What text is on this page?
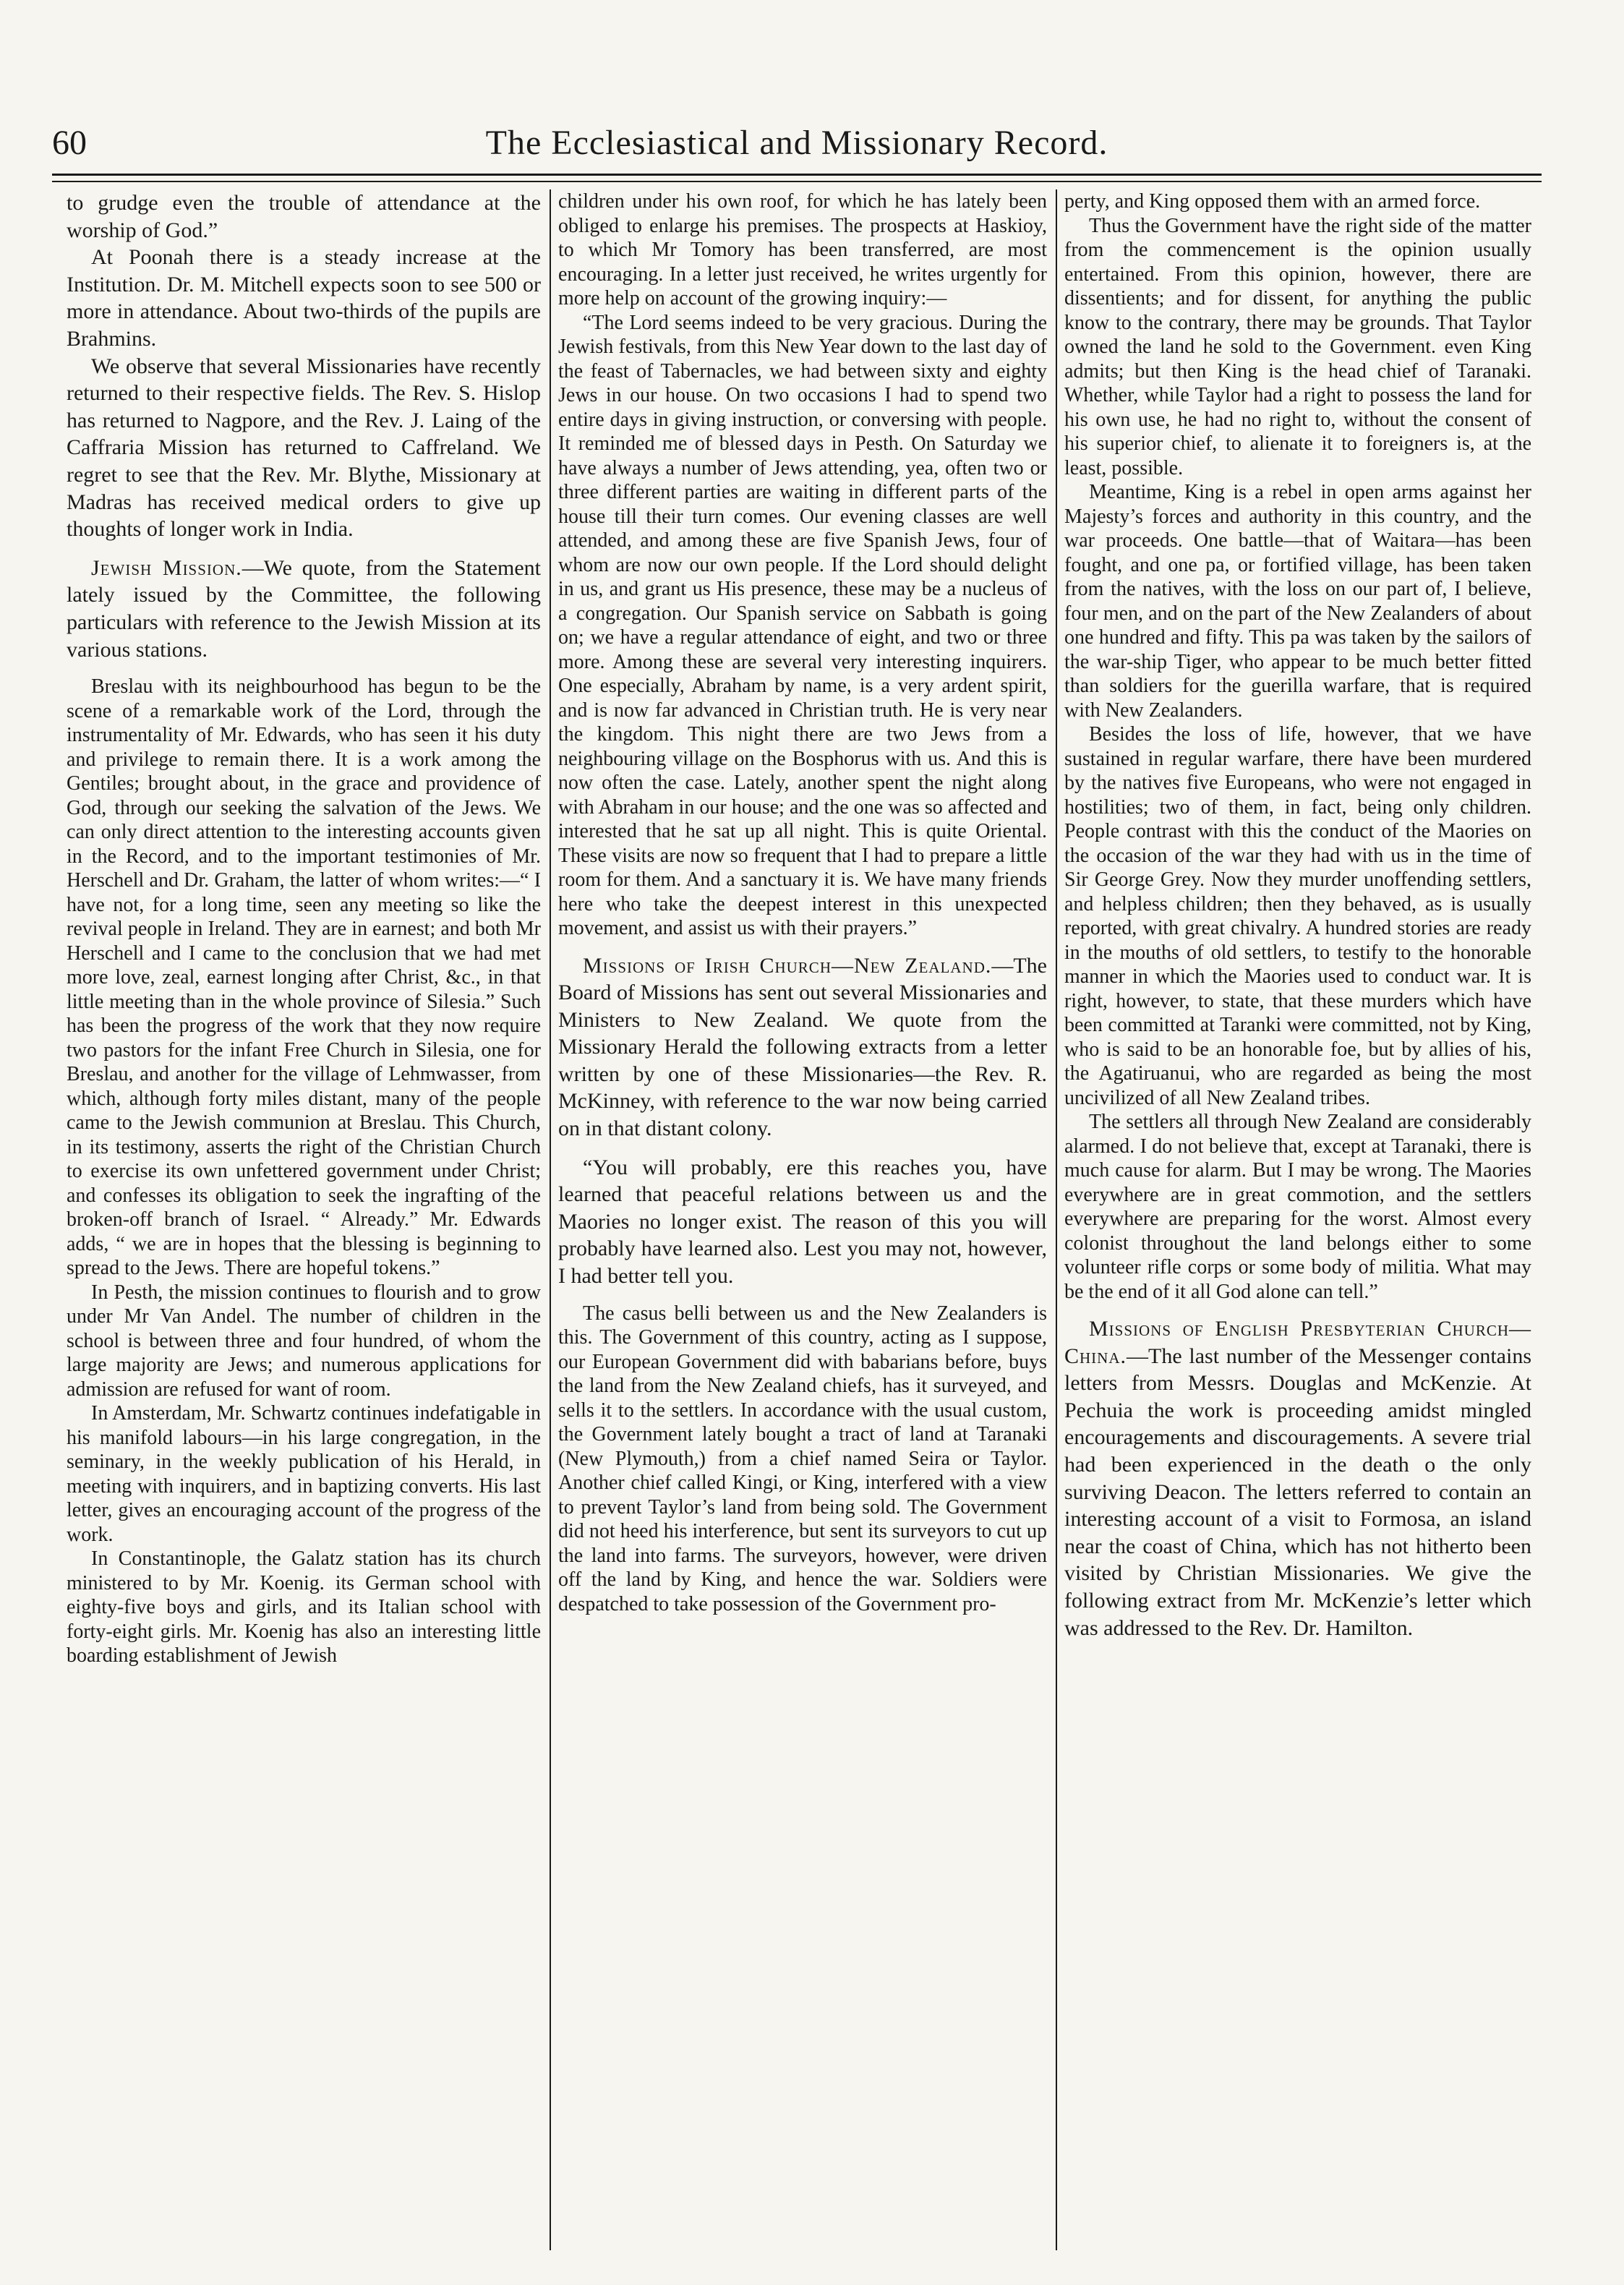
60	The Ecclesiastical and Missionary Record.

to grudge even the trouble of attendance at the worship of God.”

At Poonah there is a steady increase at the Institution. Dr. M. Mitchell expects soon to see 500 or more in attendance. About two-thirds of the pupils are Brahmins.

We observe that several Missionaries have recently returned to their respective fields. The Rev. S. Hislop has returned to Nagpore, and the Rev. J. Laing of the Caffraria Mission has returned to Caffreland. We regret to see that the Rev. Mr. Blythe, Missionary at Madras has received medical orders to give up thoughts of longer work in India.

Jewish Mission.—We quote, from the Statement lately issued by the Committee, the following particulars with reference to the Jewish Mission at its various stations.

Breslau with its neighbourhood has begun to be the scene of a remarkable work of the Lord, through the instrumentality of Mr. Edwards, who has seen it his duty and privilege to remain there. It is a work among the Gentiles; brought about, in the grace and providence of God, through our seeking the salvation of the Jews. We can only direct attention to the interesting accounts given in the Record, and to the important testimonies of Mr. Herschell and Dr. Graham, the latter of whom writes:—“ I have not, for a long time, seen any meeting so like the revival people in Ireland. They are in earnest; and both Mr Herschell and I came to the conclusion that we had met more love, zeal, earnest longing after Christ, &c., in that little meeting than in the whole province of Silesia.” Such has been the progress of the work that they now require two pastors for the infant Free Church in Silesia, one for Breslau, and another for the village of Lehmwasser, from which, although forty miles distant, many of the people came to the Jewish communion at Breslau. This Church, in its testimony, asserts the right of the Christian Church to exercise its own unfettered government under Christ; and confesses its obligation to seek the ingrafting of the broken-off branch of Israel. “ Already.” Mr. Edwards adds, “ we are in hopes that the blessing is beginning to spread to the Jews. There are hopeful tokens.”

In Pesth, the mission continues to flourish and to grow under Mr Van Andel. The number of children in the school is between three and four hundred, of whom the large majority are Jews; and numerous applications for admission are refused for want of room.

In Amsterdam, Mr. Schwartz continues indefatigable in his manifold labours—in his large congregation, in the seminary, in the weekly publication of his Herald, in meeting with inquirers, and in baptizing converts. His last letter, gives an encouraging account of the progress of the work.

In Constantinople, the Galatz station has its church ministered to by Mr. Koenig. its German school with eighty-five boys and girls, and its Italian school with forty-eight girls. Mr. Koenig has also an interesting little boarding establishment of Jewish

children under his own roof, for which he has lately been obliged to enlarge his premises. The prospects at Haskioy, to which Mr Tomory has been transferred, are most encouraging. In a letter just received, he writes urgently for more help on account of the growing inquiry:—

“The Lord seems indeed to be very gracious. During the Jewish festivals, from this New Year down to the last day of the feast of Tabernacles, we had between sixty and eighty Jews in our house. On two occasions I had to spend two entire days in giving instruction, or conversing with people. It reminded me of blessed days in Pesth. On Saturday we have always a number of Jews attending, yea, often two or three different parties are waiting in different parts of the house till their turn comes. Our evening classes are well attended, and among these are five Spanish Jews, four of whom are now our own people. If the Lord should delight in us, and grant us His presence, these may be a nucleus of a congregation. Our Spanish service on Sabbath is going on; we have a regular attendance of eight, and two or three more. Among these are several very interesting inquirers. One especially, Abraham by name, is a very ardent spirit, and is now far advanced in Christian truth. He is very near the kingdom. This night there are two Jews from a neighbouring village on the Bosphorus with us. And this is now often the case. Lately, another spent the night along with Abraham in our house; and the one was so affected and interested that he sat up all night. This is quite Oriental. These visits are now so frequent that I had to prepare a little room for them. And a sanctuary it is. We have many friends here who take the deepest interest in this unexpected movement, and assist us with their prayers.”

Missions of Irish Church—New Zealand.—The Board of Missions has sent out several Missionaries and Ministers to New Zealand. We quote from the Missionary Herald the following extracts from a letter written by one of these Missionaries—the Rev. R. McKinney, with reference to the war now being carried on in that distant colony.

“You will probably, ere this reaches you, have learned that peaceful relations between us and the Maories no longer exist. The reason of this you will probably have learned also. Lest you may not, however, I had better tell you.

The casus belli between us and the New Zealanders is this. The Government of this country, acting as I suppose, our European Government did with babarians before, buys the land from the New Zealand chiefs, has it surveyed, and sells it to the settlers. In accordance with the usual custom, the Government lately bought a tract of land at Taranaki (New Plymouth,) from a chief named Seira or Taylor. Another chief called Kingi, or King, interfered with a view to prevent Taylor’s land from being sold. The Government did not heed his interference, but sent its surveyors to cut up the land into farms. The surveyors, however, were driven off the land by King, and hence the war. Soldiers were despatched to take possession of the Government pro-

perty, and King opposed them with an armed force.

Thus the Government have the right side of the matter from the commencement is the opinion usually entertained. From this opinion, however, there are dissentients; and for dissent, for anything the public know to the contrary, there may be grounds. That Taylor owned the land he sold to the Government. even King admits; but then King is the head chief of Taranaki. Whether, while Taylor had a right to possess the land for his own use, he had no right to, without the consent of his superior chief, to alienate it to foreigners is, at the least, possible.

Meantime, King is a rebel in open arms against her Majesty’s forces and authority in this country, and the war proceeds. One battle—that of Waitara—has been fought, and one pa, or fortified village, has been taken from the natives, with the loss on our part of, I believe, four men, and on the part of the New Zealanders of about one hundred and fifty. This pa was taken by the sailors of the war-ship Tiger, who appear to be much better fitted than soldiers for the guerilla warfare, that is required with New Zealanders.

Besides the loss of life, however, that we have sustained in regular warfare, there have been murdered by the natives five Europeans, who were not engaged in hostilities; two of them, in fact, being only children. People contrast with this the conduct of the Maories on the occasion of the war they had with us in the time of Sir George Grey. Now they murder unoffending settlers, and helpless children; then they behaved, as is usually reported, with great chivalry. A hundred stories are ready in the mouths of old settlers, to testify to the honorable manner in which the Maories used to conduct war. It is right, however, to state, that these murders which have been committed at Taranki were committed, not by King, who is said to be an honorable foe, but by allies of his, the Agatiruanui, who are regarded as being the most uncivilized of all New Zealand tribes.

The settlers all through New Zealand are considerably alarmed. I do not believe that, except at Taranaki, there is much cause for alarm. But I may be wrong. The Maories everywhere are in great commotion, and the settlers everywhere are preparing for the worst. Almost every colonist throughout the land belongs either to some volunteer rifle corps or some body of militia. What may be the end of it all God alone can tell.”

Missions of English Presbyterian Church—China.—The last number of the Messenger contains letters from Messrs. Douglas and McKenzie. At Pechuia the work is proceeding amidst mingled encouragements and discouragements. A severe trial had been experienced in the death o the only surviving Deacon. The letters referred to contain an interesting account of a visit to Formosa, an island near the coast of China, which has not hitherto been visited by Christian Missionaries. We give the following extract from Mr. McKenzie’s letter which was addressed to the Rev. Dr. Hamilton.
